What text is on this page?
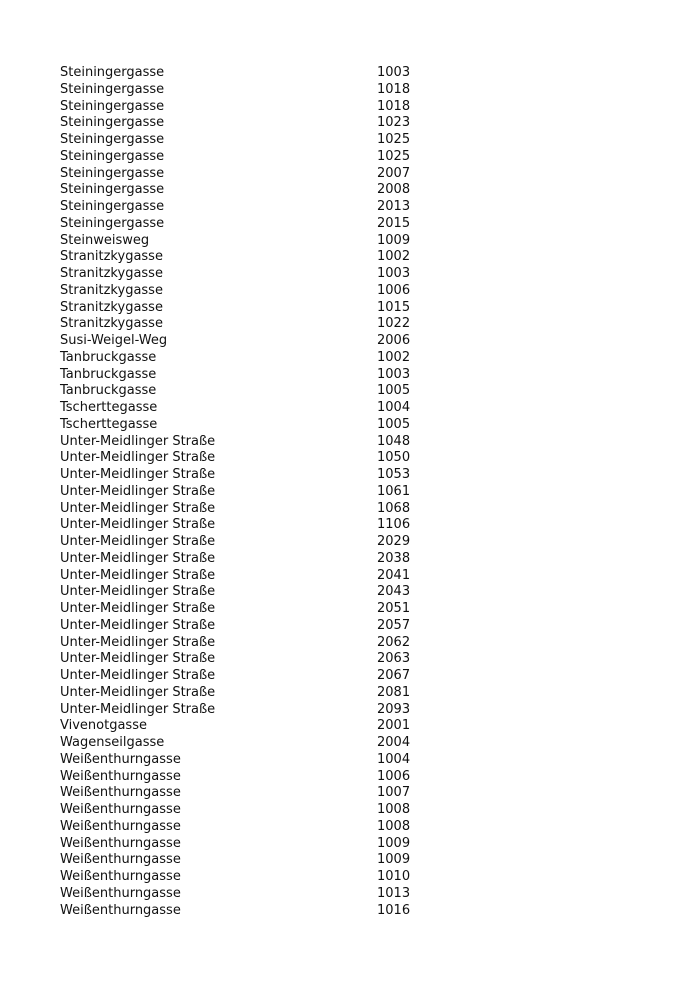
Steiningergasse	1003
Steiningergasse	1018
Steiningergasse	1018
Steiningergasse	1023
Steiningergasse	1025
Steiningergasse	1025
Steiningergasse	2007
Steiningergasse	2008
Steiningergasse	2013
Steiningergasse	2015
Steinweisweg	1009
Stranitzkygasse	1002
Stranitzkygasse	1003
Stranitzkygasse	1006
Stranitzkygasse	1015
Stranitzkygasse	1022
Susi-Weigel-Weg	2006
Tanbruckgasse	1002
Tanbruckgasse	1003
Tanbruckgasse	1005
Tscherttegasse	1004
Tscherttegasse	1005
Unter-Meidlinger Straße	1048
Unter-Meidlinger Straße	1050
Unter-Meidlinger Straße	1053
Unter-Meidlinger Straße	1061
Unter-Meidlinger Straße	1068
Unter-Meidlinger Straße	1106
Unter-Meidlinger Straße	2029
Unter-Meidlinger Straße	2038
Unter-Meidlinger Straße	2041
Unter-Meidlinger Straße	2043
Unter-Meidlinger Straße	2051
Unter-Meidlinger Straße	2057
Unter-Meidlinger Straße	2062
Unter-Meidlinger Straße	2063
Unter-Meidlinger Straße	2067
Unter-Meidlinger Straße	2081
Unter-Meidlinger Straße	2093
Vivenotgasse	2001
Wagenseilgasse	2004
Weißenthurngasse	1004
Weißenthurngasse	1006
Weißenthurngasse	1007
Weißenthurngasse	1008
Weißenthurngasse	1008
Weißenthurngasse	1009
Weißenthurngasse	1009
Weißenthurngasse	1010
Weißenthurngasse	1013
Weißenthurngasse	1016
